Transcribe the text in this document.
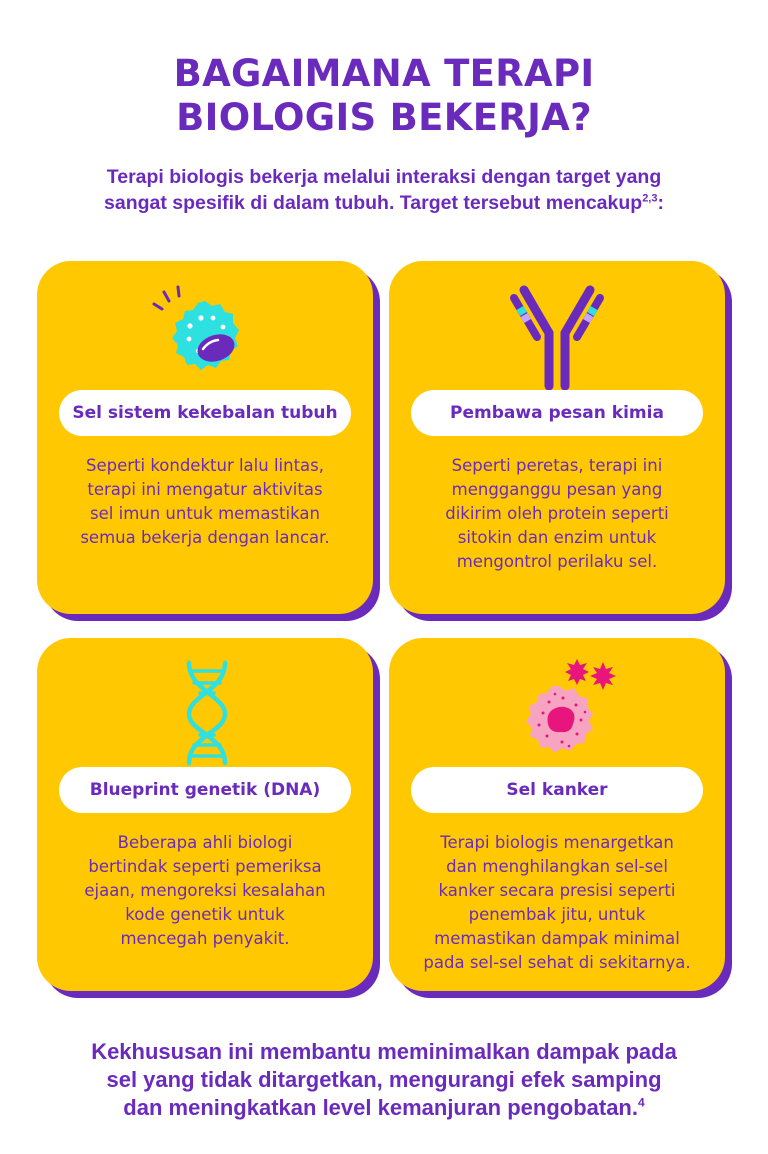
BAGAIMANA TERAPI
BIOLOGIS BEKERJA?

Terapi biologis bekerja melalui interaksi dengan target yang
sangat spesifik di dalam tubuh. Target tersebut mencakup$^{2,3}$:

Sel sistem kekebalan tubuh

Seperti kondektur lalu lintas,
terapi ini mengatur aktivitas
sel imun untuk memastikan
semua bekerja dengan lancar.

Pembawa pesan kimia

Seperti peretas, terapi ini
mengganggu pesan yang
dikirim oleh protein seperti
sitokin dan enzim untuk
mengontrol perilaku sel.

Blueprint genetik (DNA)

Beberapa ahli biologi
bertindak seperti pemeriksa
ejaan, mengoreksi kesalahan
kode genetik untuk
mencegah penyakit.

Sel kanker

Terapi biologis menargetkan
dan menghilangkan sel-sel
kanker secara presisi seperti
penembak jitu, untuk
memastikan dampak minimal
pada sel-sel sehat di sekitarnya.

Kekhususan ini membantu meminimalkan dampak pada
sel yang tidak ditargetkan, mengurangi efek samping
dan meningkatkan level kemanjuran pengobatan.$^4$
